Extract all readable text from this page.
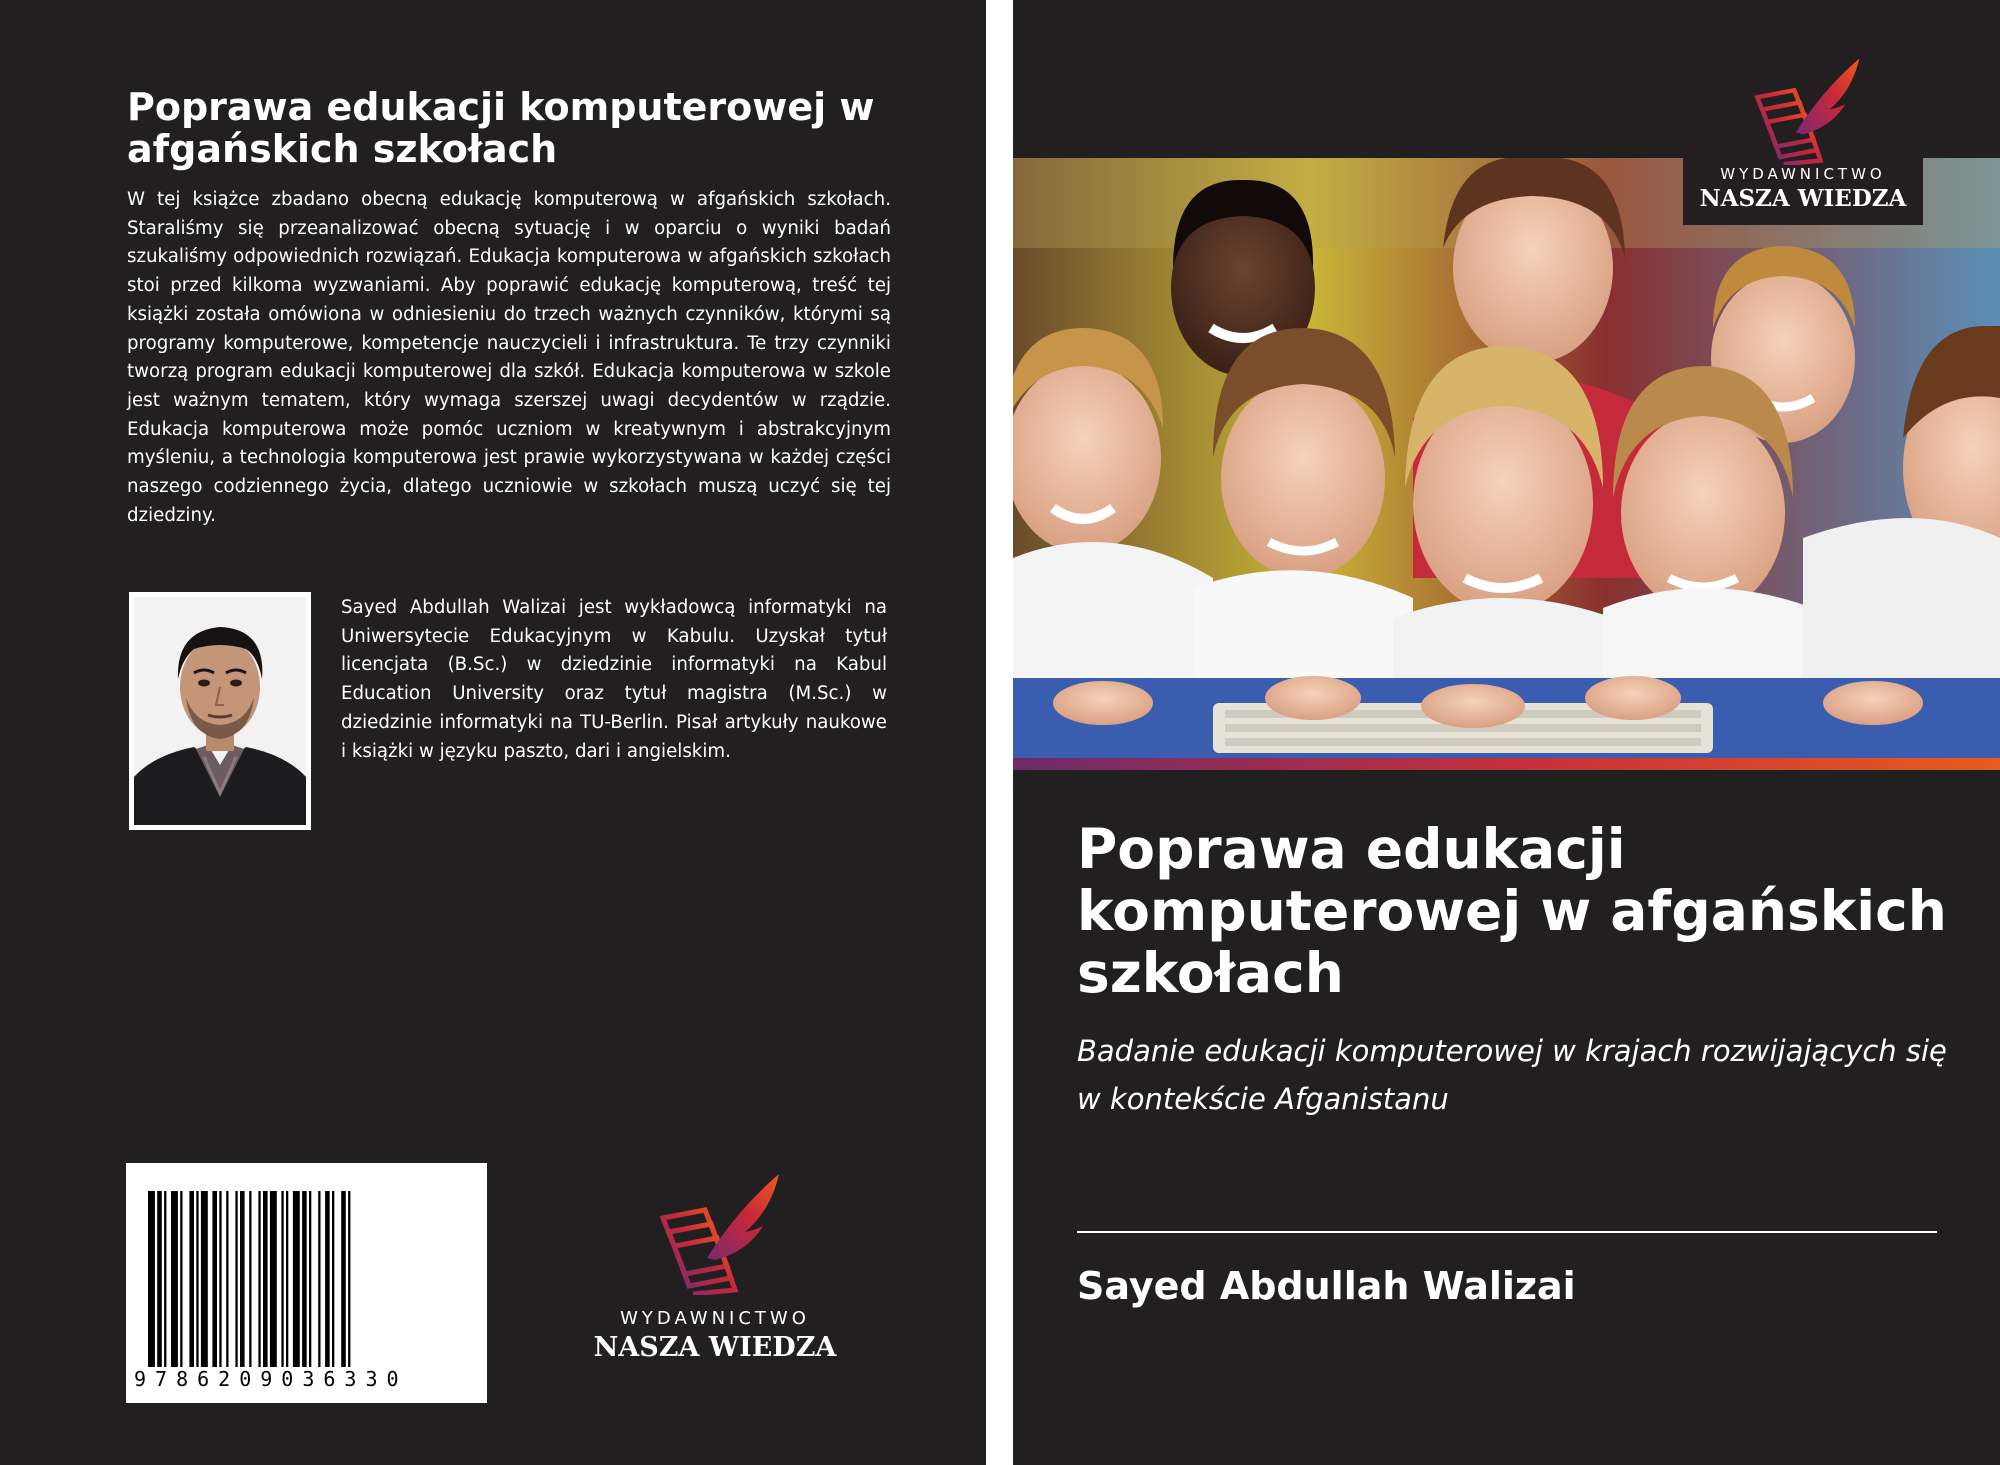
Poprawa edukacji komputerowej w afgańskich szkołach
W tej książce zbadano obecną edukację komputerową w afgańskich szkołach. Staraliśmy się przeanalizować obecną sytuację i w oparciu o wyniki badań szukaliśmy odpowiednich rozwiązań. Edukacja komputerowa w afgańskich szkołach stoi przed kilkoma wyzwaniami. Aby poprawić edukację komputerową, treść tej książki została omówiona w odniesieniu do trzech ważnych czynników, którymi są programy komputerowe, kompetencje nauczycieli i infrastruktura. Te trzy czynniki tworzą program edukacji komputerowej dla szkół. Edukacja komputerowa w szkole jest ważnym tematem, który wymaga szerszej uwagi decydentów w rządzie. Edukacja komputerowa może pomóc uczniom w kreatywnym i abstrakcyjnym myśleniu, a technologia komputerowa jest prawie wykorzystywana w każdej części naszego codziennego życia, dlatego uczniowie w szkołach muszą uczyć się tej dziedziny.
Sayed Abdullah Walizai jest wykładowcą informatyki na Uniwersytecie Edukacyjnym w Kabulu. Uzyskał tytuł licencjata (B.Sc.) w dziedzinie informatyki na Kabul Education University oraz tytuł magistra (M.Sc.) w dziedzinie informatyki na TU-Berlin. Pisał artykuły naukowe i książki w języku paszto, dari i angielskim.
9786209036330
WYDAWNICTWO
NASZA WIEDZA
WYDAWNICTWO
NASZA WIEDZA
Poprawa edukacji komputerowej w afgańskich szkołach
Badanie edukacji komputerowej w krajach rozwijających się w kontekście Afganistanu
Sayed Abdullah Walizai
